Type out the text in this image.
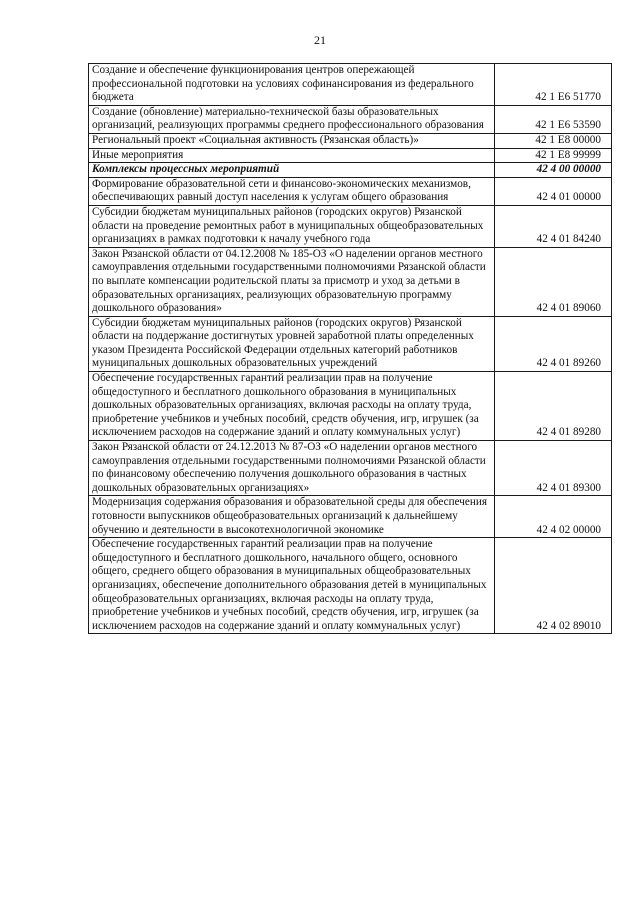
21
Создание и обеспечение функционирования центров опережающей профессиональной подготовки на условиях софинансирования из федерального бюджета	42 1 Е6 51770
Создание (обновление) материально-технической базы образовательных организаций, реализующих программы среднего профессионального образования	42 1 Е6 53590
Региональный проект «Социальная активность (Рязанская область)»	42 1 Е8 00000
Иные мероприятия	42 1 Е8 99999
Комплексы процессных мероприятий	42 4 00 00000
Формирование образовательной сети и финансово-экономических механизмов, обеспечивающих равный доступ населения к услугам общего образования	42 4 01 00000
Субсидии бюджетам муниципальных районов (городских округов) Рязанской области на проведение ремонтных работ в муниципальных общеобразовательных организациях в рамках подготовки к началу учебного года	42 4 01 84240
Закон Рязанской области от 04.12.2008 № 185-ОЗ «О наделении органов местного самоуправления отдельными государственными полномочиями Рязанской области по выплате компенсации родительской платы за присмотр и уход за детьми в образовательных организациях, реализующих образовательную программу дошкольного образования»	42 4 01 89060
Субсидии бюджетам муниципальных районов (городских округов) Рязанской области на поддержание достигнутых уровней заработной платы определенных указом Президента Российской Федерации отдельных категорий работников муниципальных дошкольных образовательных учреждений	42 4 01 89260
Обеспечение государственных гарантий реализации прав на получение общедоступного и бесплатного дошкольного образования в муниципальных дошкольных образовательных организациях, включая расходы на оплату труда, приобретение учебников и учебных пособий, средств обучения, игр, игрушек (за исключением расходов на содержание зданий и оплату коммунальных услуг)	42 4 01 89280
Закон Рязанской области от 24.12.2013 № 87-ОЗ «О наделении органов местного самоуправления отдельными государственными полномочиями Рязанской области по финансовому обеспечению получения дошкольного образования в частных дошкольных образовательных организациях»	42 4 01 89300
Модернизация содержания образования и образовательной среды для обеспечения готовности выпускников общеобразовательных организаций к дальнейшему обучению и деятельности в высокотехнологичной экономике	42 4 02 00000
Обеспечение государственных гарантий реализации прав на получение общедоступного и бесплатного дошкольного, начального общего, основного общего, среднего общего образования в муниципальных общеобразовательных организациях, обеспечение дополнительного образования детей в муниципальных общеобразовательных организациях, включая расходы на оплату труда, приобретение учебников и учебных пособий, средств обучения, игр, игрушек (за исключением расходов на содержание зданий и оплату коммунальных услуг)	42 4 02 89010
